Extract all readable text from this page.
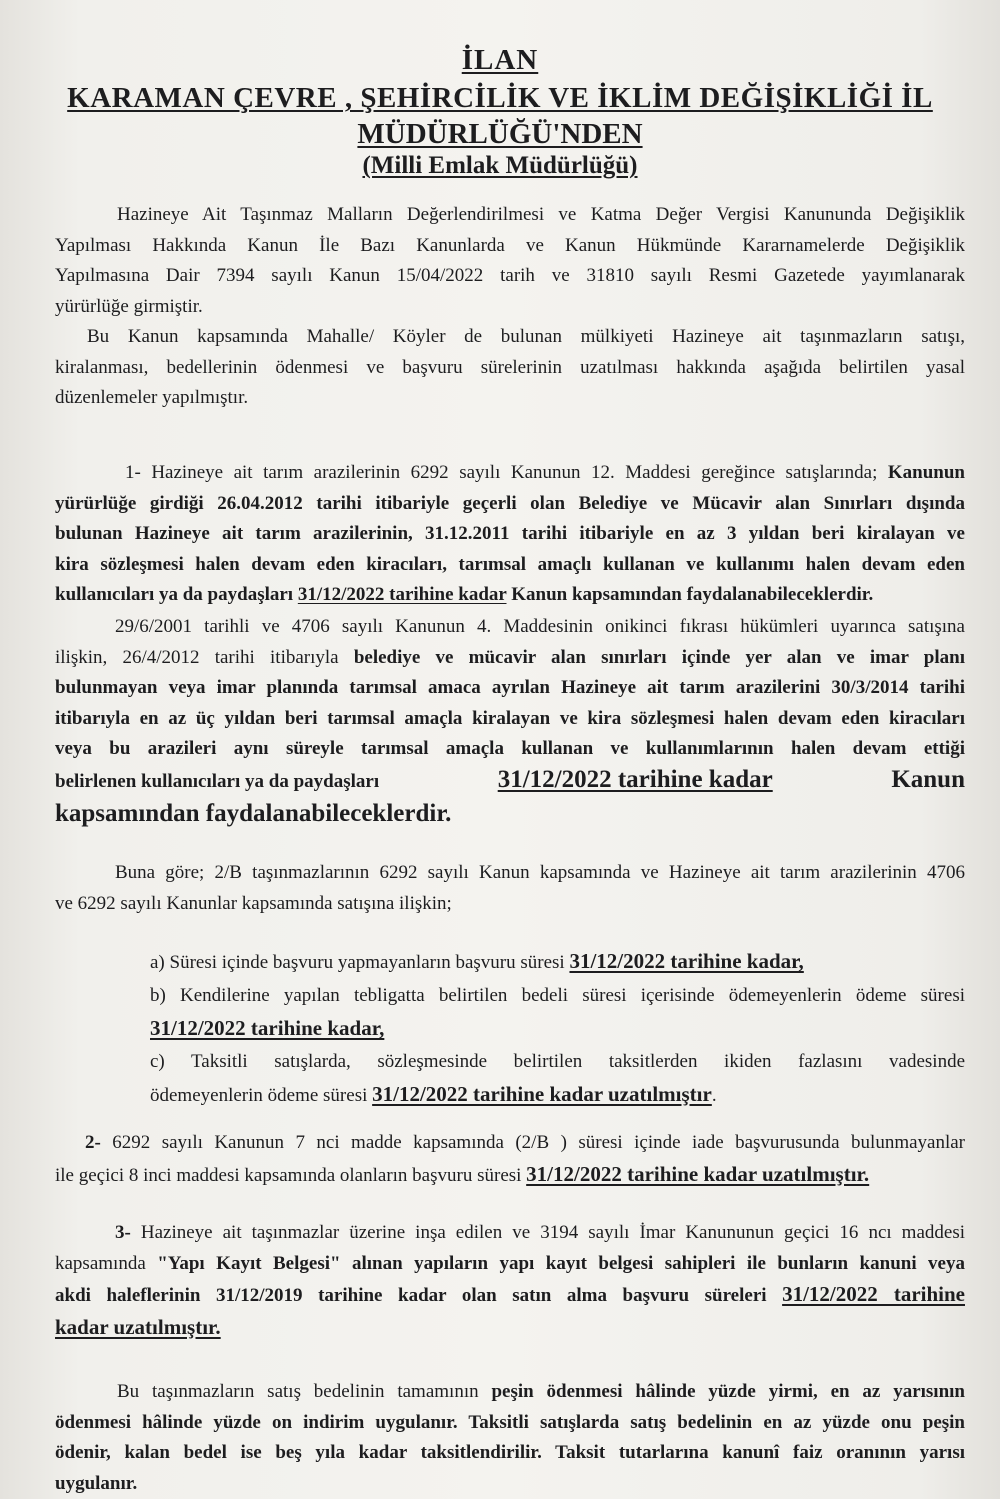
İLAN
KARAMAN ÇEVRE , ŞEHİRCİLİK VE İKLİM DEĞİŞİKLİĞİ İL
MÜDÜRLÜĞÜ'NDEN
(Milli Emlak Müdürlüğü)
Hazineye Ait Taşınmaz Malların Değerlendirilmesi ve Katma Değer Vergisi Kanununda Değişiklik
Yapılması Hakkında Kanun İle Bazı Kanunlarda ve Kanun Hükmünde Kararnamelerde Değişiklik
Yapılmasına Dair 7394 sayılı Kanun 15/04/2022 tarih ve 31810 sayılı Resmi Gazetede yayımlanarak
yürürlüğe girmiştir.
Bu Kanun kapsamında Mahalle/ Köyler de bulunan mülkiyeti Hazineye ait taşınmazların satışı,
kiralanması, bedellerinin ödenmesi ve başvuru sürelerinin uzatılması hakkında aşağıda belirtilen yasal
düzenlemeler yapılmıştır.
1- Hazineye ait tarım arazilerinin 6292 sayılı Kanunun 12. Maddesi gereğince satışlarında; Kanunun
yürürlüğe girdiği 26.04.2012 tarihi itibariyle geçerli olan Belediye ve Mücavir alan Sınırları dışında
bulunan Hazineye ait tarım arazilerinin, 31.12.2011 tarihi itibariyle en az 3 yıldan beri kiralayan ve
kira sözleşmesi halen devam eden kiracıları, tarımsal amaçlı kullanan ve kullanımı halen devam eden
kullanıcıları ya da paydaşları 31/12/2022 tarihine kadar Kanun kapsamından faydalanabileceklerdir.
29/6/2001 tarihli ve 4706 sayılı Kanunun 4. Maddesinin onikinci fıkrası hükümleri uyarınca satışına
ilişkin, 26/4/2012 tarihi itibarıyla belediye ve mücavir alan sınırları içinde yer alan ve imar planı
bulunmayan veya imar planında tarımsal amaca ayrılan Hazineye ait tarım arazilerini 30/3/2014 tarihi
itibarıyla en az üç yıldan beri tarımsal amaçla kiralayan ve kira sözleşmesi halen devam eden kiracıları
veya bu arazileri aynı süreyle tarımsal amaçla kullanan ve kullanımlarının halen devam ettiği
belirlenen kullanıcıları ya da paydaşları	31/12/2022 tarihine kadar	Kanun
kapsamından faydalanabileceklerdir.
Buna göre; 2/B taşınmazlarının 6292 sayılı Kanun kapsamında ve Hazineye ait tarım arazilerinin 4706
ve 6292 sayılı Kanunlar kapsamında satışına ilişkin;
a) Süresi içinde başvuru yapmayanların başvuru süresi 31/12/2022 tarihine kadar,
b) Kendilerine yapılan tebligatta belirtilen bedeli süresi içerisinde ödemeyenlerin ödeme süresi
31/12/2022 tarihine kadar,
c) Taksitli satışlarda, sözleşmesinde belirtilen taksitlerden ikiden fazlasını vadesinde
ödemeyenlerin ödeme süresi 31/12/2022 tarihine kadar uzatılmıştır.
2- 6292 sayılı Kanunun 7 nci madde kapsamında (2/B ) süresi içinde iade başvurusunda bulunmayanlar
ile geçici 8 inci maddesi kapsamında olanların başvuru süresi 31/12/2022 tarihine kadar uzatılmıştır.
3- Hazineye ait taşınmazlar üzerine inşa edilen ve 3194 sayılı İmar Kanununun geçici 16 ncı maddesi
kapsamında "Yapı Kayıt Belgesi" alınan yapıların yapı kayıt belgesi sahipleri ile bunların kanuni veya
akdi haleflerinin 31/12/2019 tarihine kadar olan satın alma başvuru süreleri 31/12/2022 tarihine
kadar uzatılmıştır.
Bu taşınmazların satış bedelinin tamamının peşin ödenmesi hâlinde yüzde yirmi, en az yarısının
ödenmesi hâlinde yüzde on indirim uygulanır. Taksitli satışlarda satış bedelinin en az yüzde onu peşin
ödenir, kalan bedel ise beş yıla kadar taksitlendirilir. Taksit tutarlarına kanunî faiz oranının yarısı
uygulanır.
